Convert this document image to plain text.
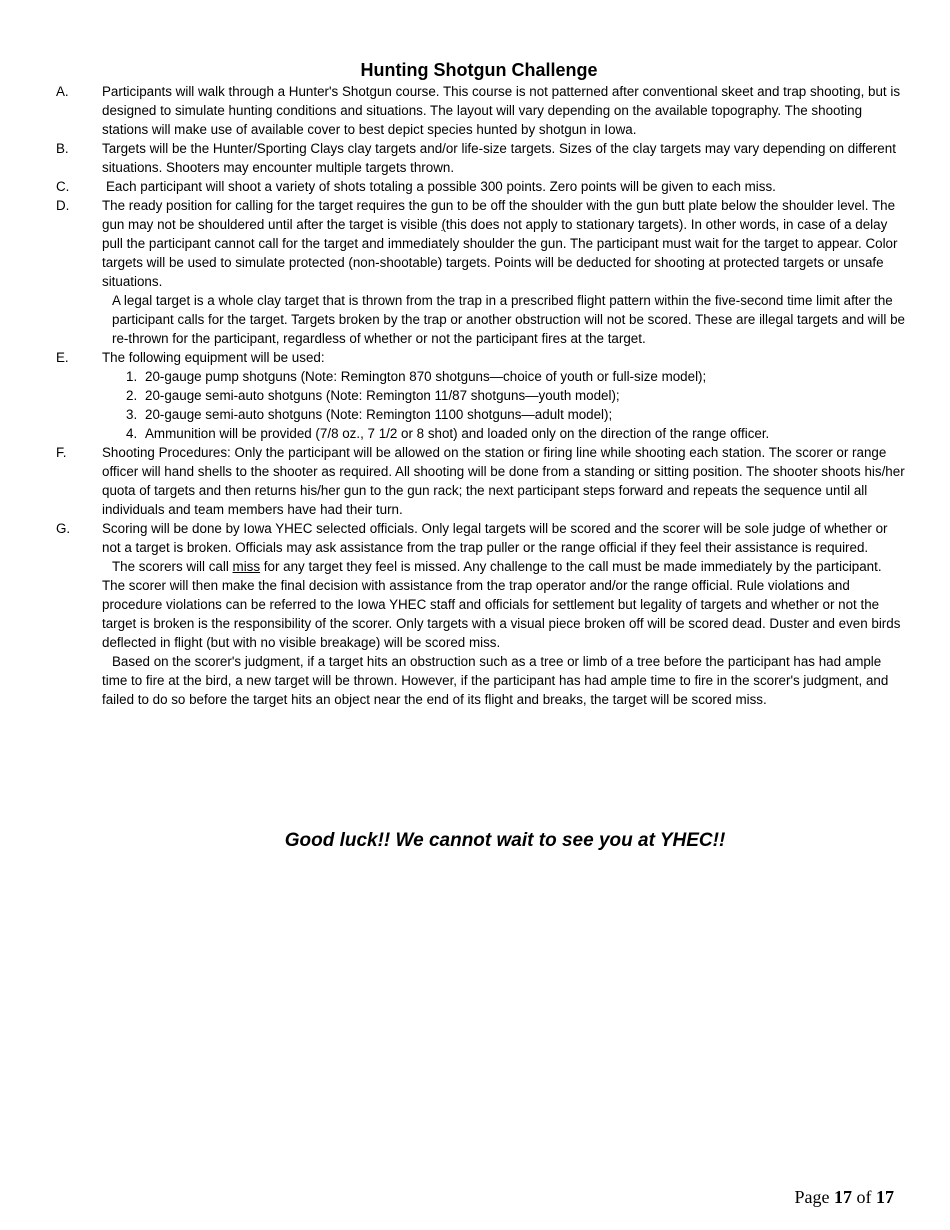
Hunting Shotgun Challenge
A. Participants will walk through a Hunter's Shotgun course. This course is not patterned after conventional skeet and trap shooting, but is designed to simulate hunting conditions and situations. The layout will vary depending on the available topography. The shooting stations will make use of available cover to best depict species hunted by shotgun in Iowa.
B. Targets will be the Hunter/Sporting Clays clay targets and/or life-size targets. Sizes of the clay targets may vary depending on different situations. Shooters may encounter multiple targets thrown.
C.	Each participant will shoot a variety of shots totaling a possible 300 points. Zero points will be given to each miss.
D. The ready position for calling for the target requires the gun to be off the shoulder with the gun butt plate below the shoulder level. The gun may not be shouldered until after the target is visible (this does not apply to stationary targets). In other words, in case of a delay pull the participant cannot call for the target and immediately shoulder the gun. The participant must wait for the target to appear. Color targets will be used to simulate protected (non-shootable) targets. Points will be deducted for shooting at protected targets or unsafe situations.
A legal target is a whole clay target that is thrown from the trap in a prescribed flight pattern within the five-second time limit after the participant calls for the target. Targets broken by the trap or another obstruction will not be scored. These are illegal targets and will be re-thrown for the participant, regardless of whether or not the participant fires at the target.
E. The following equipment will be used:
1. 20-gauge pump shotguns (Note: Remington 870 shotguns—choice of youth or full-size model);
2. 20-gauge semi-auto shotguns (Note: Remington 11/87 shotguns—youth model);
3. 20-gauge semi-auto shotguns (Note: Remington 1100 shotguns—adult model);
4. Ammunition will be provided (7/8 oz., 7 1/2 or 8 shot) and loaded only on the direction of the range officer.
F.	Shooting Procedures: Only the participant will be allowed on the station or firing line while shooting each station. The scorer or range officer will hand shells to the shooter as required. All shooting will be done from a standing or sitting position. The shooter shoots his/her quota of targets and then returns his/her gun to the gun rack; the next participant steps forward and repeats the sequence until all individuals and team members have had their turn.
G. Scoring will be done by Iowa YHEC selected officials. Only legal targets will be scored and the scorer will be sole judge of whether or not a target is broken. Officials may ask assistance from the trap puller or the range official if they feel their assistance is required.
The scorers will call miss for any target they feel is missed. Any challenge to the call must be made immediately by the participant. The scorer will then make the final decision with assistance from the trap operator and/or the range official. Rule violations and procedure violations can be referred to the Iowa YHEC staff and officials for settlement but legality of targets and whether or not the target is broken is the responsibility of the scorer. Only targets with a visual piece broken off will be scored dead. Duster and even birds deflected in flight (but with no visible breakage) will be scored miss.
Based on the scorer's judgment, if a target hits an obstruction such as a tree or limb of a tree before the participant has had ample time to fire at the bird, a new target will be thrown. However, if the participant has had ample time to fire in the scorer's judgment, and failed to do so before the target hits an object near the end of its flight and breaks, the target will be scored miss.
Good luck!! We cannot wait to see you at YHEC!!
Page 17 of 17
